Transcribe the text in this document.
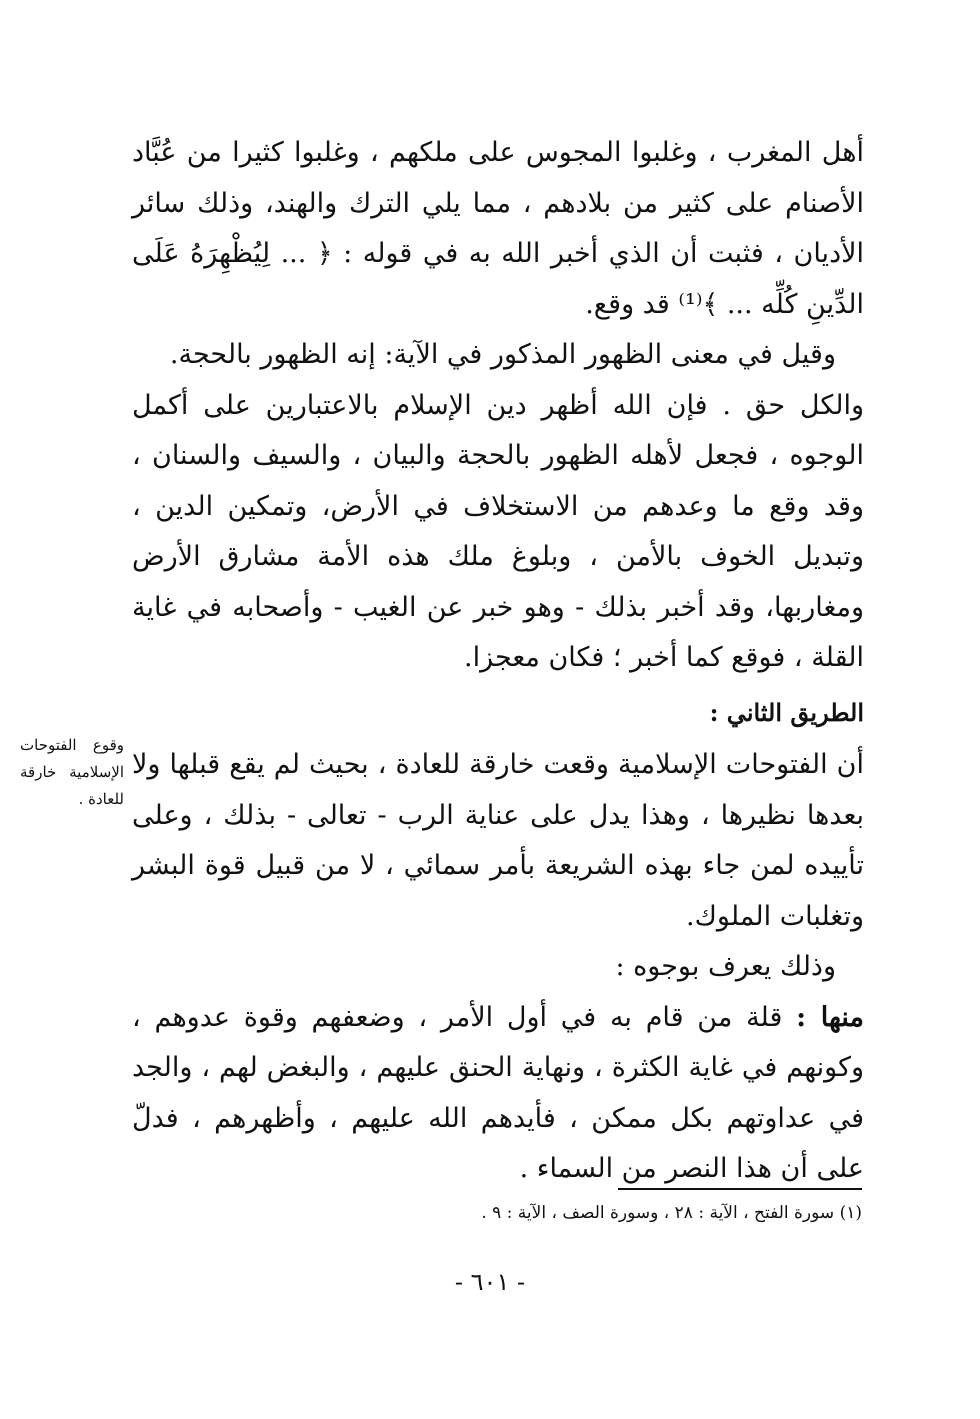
أهل المغرب ، وغلبوا المجوس على ملكهم ، وغلبوا كثيرا من عُبَّاد الأصنام على كثير من بلادهم ، مما يلي الترك والهند، وذلك سائر الأديان ، فثبت أن الذي أخبر الله به في قوله : ﴿ ... لِيُظْهِرَهُ عَلَى الدِّينِ كُلِّه ... ﴾⁽¹⁾ قد وقع.

وقيل في معنى الظهور المذكور في الآية: إنه الظهور بالحجة.

والكل حق . فإن الله أظهر دين الإسلام بالاعتبارين على أكمل الوجوه ، فجعل لأهله الظهور بالحجة والبيان ، والسيف والسنان ، وقد وقع ما وعدهم من الاستخلاف في الأرض، وتمكين الدين ، وتبديل الخوف بالأمن ، وبلوغ ملك هذه الأمة مشارق الأرض ومغاربها، وقد أخبر بذلك - وهو خبر عن الغيب - وأصحابه في غاية القلة ، فوقع كما أخبر ؛ فكان معجزا.

الطريق الثاني :

أن الفتوحات الإسلامية وقعت خارقة للعادة ، بحيث لم يقع قبلها ولا بعدها نظيرها ، وهذا يدل على عناية الرب - تعالى - بذلك ، وعلى تأييده لمن جاء بهذه الشريعة بأمر سمائي ، لا من قبيل قوة البشر وتغلبات الملوك.

وذلك يعرف بوجوه :

منها : قلة من قام به في أول الأمر ، وضعفهم وقوة عدوهم ، وكونهم في غاية الكثرة ، ونهاية الحنق عليهم ، والبغض لهم ، والجد في عداوتهم بكل ممكن ، فأيدهم الله عليهم ، وأظهرهم ، فدلّ على أن هذا النصر من السماء .

وقوع الفتوحات الإسلامية خارقة للعادة .
(١) سورة الفتح ، الآية : ٢٨ ، وسورة الصف ، الآية : ٩ .
- ٦٠١ -
